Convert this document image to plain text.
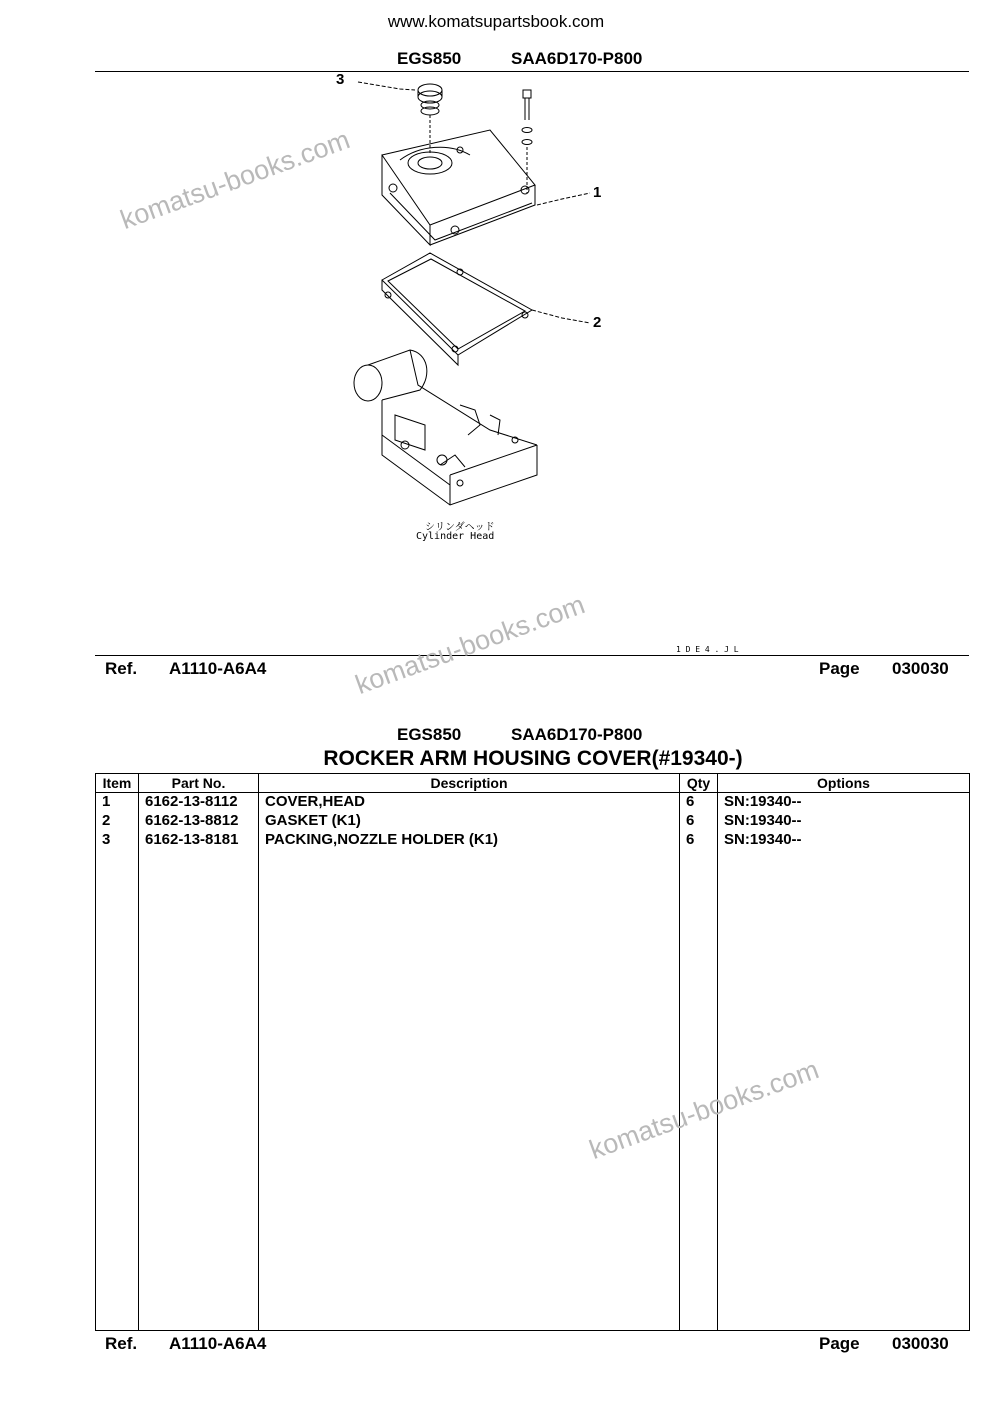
www.komatsupartsbook.com
EGS850	SAA6D170-P800
3
1
2
シリンダヘッド
Cylinder Head
1 D E 4 . J L
Ref. A1110-A6A4	Page 030030
EGS850	SAA6D170-P800
ROCKER ARM HOUSING COVER(#19340-)
Item	Part No.	Description	Qty	Options
1	6162-13-8112	COVER,HEAD	6	SN:19340--
2	6162-13-8812	GASKET (K1)	6	SN:19340--
3	6162-13-8181	PACKING,NOZZLE HOLDER (K1)	6	SN:19340--

Ref. A1110-A6A4	Page 030030
komatsu-books.com
komatsu-books.com
komatsu-books.com
